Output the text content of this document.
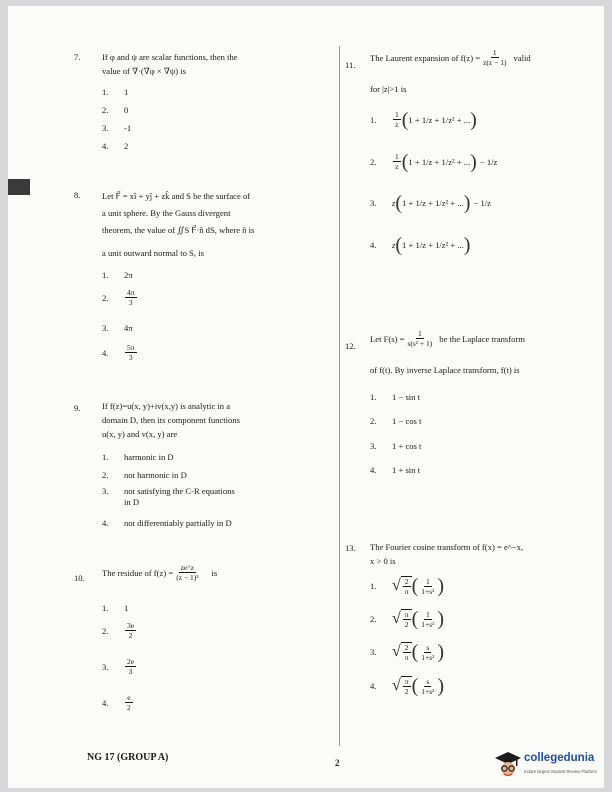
7.	If φ and ψ are scalar functions, then the
value of ∇·(∇φ × ∇ψ) is
1.	1
2.	0
3.	-1
4.	2
8.	Let F⃗ = xî + yĵ + zk̂ and S be the surface of
a unit sphere. By the Gauss divergent
theorem, the value of ∬S F⃗·n̂ dS, where n̂ is
a unit outward normal to S, is
1.	2π
2.	$\frac{4\pi}{3}$
3.	4π
4.	$\frac{5\pi}{3}$
9.	If f(z)=u(x, y)+iv(x,y) is analytic in a
domain D, then its component functions
u(x, y) and v(x, y) are
1.	harmonic in D
2.	not harmonic in D
3.	not satisfying the C-R equations
in D
4.	not differentiably partially in D
10.
The residue of $f(z) = \frac{ze\^{}z}{\text{(z − 1)³}}$ is
1.	1
2.	$\frac{3e}{2}$
3.	$\frac{2e}{3}$
4.	$\frac{e}{2}$
11.
The Laurent expansion of $f(z) = \frac{1}{z(z - 1)}$ valid
for |z|>1 is
1.	$\frac{1}{z}$ ( 1 + 1/z + 1/z² + ... )
2.	$\frac{1}{z}$ ( 1 + 1/z + 1/z² + ... ) − 1/z
3.	z ( 1 + 1/z + 1/z² + ... ) − 1/z
4.	z ( 1 + 1/z + 1/z² + ... )
12.
Let $F(s) = \frac{1}{\text{s(s² + 1)}}$ be the Laplace transform
of f(t). By inverse Laplace transform, f(t) is
1.	1 − sin t
2.	1 − cos t
3.	1 + cos t
4.	1 + sin t
13. The Fourier cosine transform of f(x) = e^−x,
x > 0 is
1. √ $\frac{2}{\pi}$ ( $\frac{1}{\text{1+s²}}$ )
2. √ $\frac{\pi}{2}$ ( $\frac{1}{\text{1+s²}}$ )
3. √ $\frac{2}{\pi}$ ( $\frac{s}{\text{1+s²}}$ )
4. √ $\frac{\pi}{2}$ ( $\frac{s}{\text{1+s²}}$ )
NG 17 (GROUP A)	2	collegedunia
India's largest Student Review Platform
